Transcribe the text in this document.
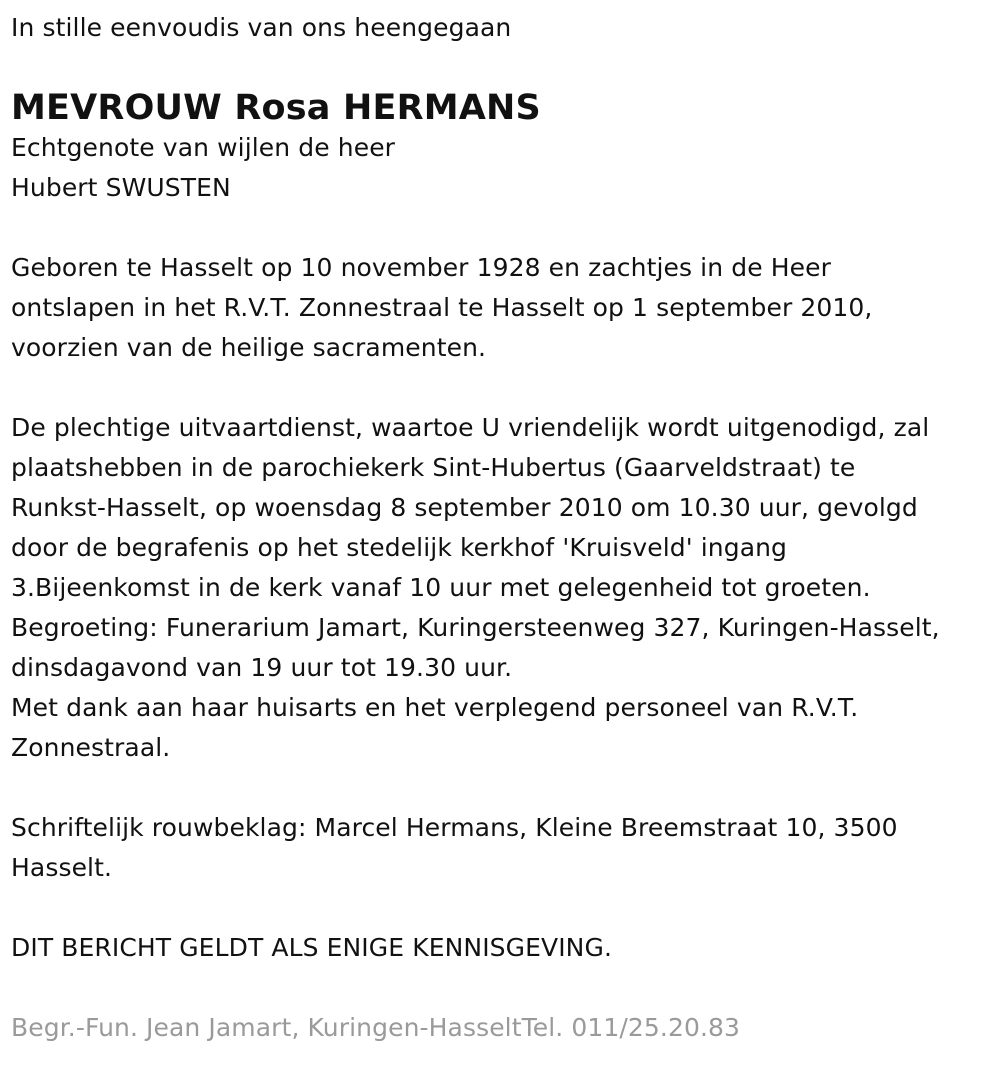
In stille eenvoudis van ons heengegaan
MEVROUW Rosa HERMANS
Echtgenote van wijlen de heer
Hubert SWUSTEN
Geboren te Hasselt op 10 november 1928 en zachtjes in de Heer
ontslapen in het R.V.T. Zonnestraal te Hasselt op 1 september 2010,
voorzien van de heilige sacramenten.
De plechtige uitvaartdienst, waartoe U vriendelijk wordt uitgenodigd, zal
plaatshebben in de parochiekerk Sint-Hubertus (Gaarveldstraat) te
Runkst-Hasselt, op woensdag 8 september 2010 om 10.30 uur, gevolgd
door de begrafenis op het stedelijk kerkhof 'Kruisveld' ingang
3.Bijeenkomst in de kerk vanaf 10 uur met gelegenheid tot groeten.
Begroeting: Funerarium Jamart, Kuringersteenweg 327, Kuringen-Hasselt,
dinsdagavond van 19 uur tot 19.30 uur.
Met dank aan haar huisarts en het verplegend personeel van R.V.T.
Zonnestraal.
Schriftelijk rouwbeklag: Marcel Hermans, Kleine Breemstraat 10, 3500
Hasselt.
DIT BERICHT GELDT ALS ENIGE KENNISGEVING.
Begr.-Fun. Jean Jamart, Kuringen-HasseltTel. 011/25.20.83
